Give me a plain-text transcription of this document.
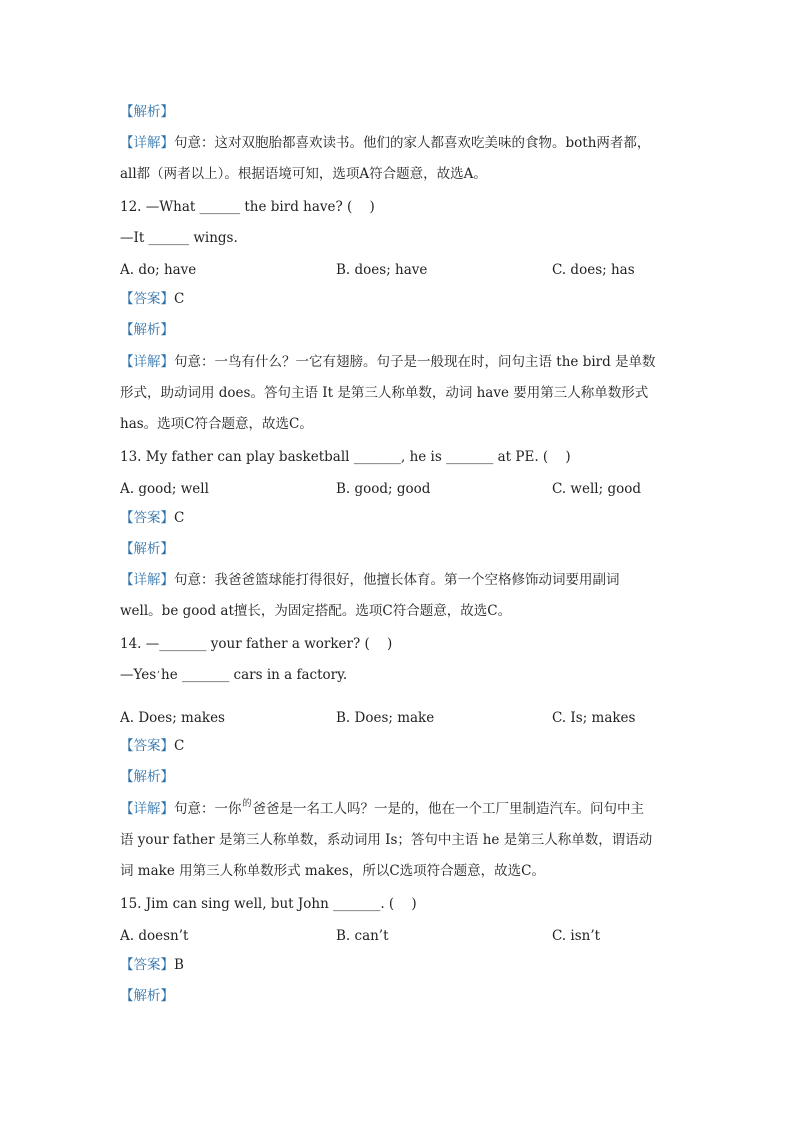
【解析】
【详解】句意：这对双胞胎都喜欢读书。他们的家人都喜欢吃美味的食物。both两者都，
all都（两者以上）。根据语境可知，选项A符合题意，故选A。
12. —What ______ the bird have? (    )
—It ______ wings.
A. do; have	B. does; have	C. does; has
【答案】C
【解析】
【详解】句意：一鸟有什么？一它有翅膀。句子是一般现在时，问句主语 the bird 是单数
形式，助动词用 does。答句主语 It 是第三人称单数，动词 have 要用第三人称单数形式
has。选项C符合题意，故选C。
13. My father can play basketball _______, he is _______ at PE. (    )
A. good; well	B. good; good	C. well; good
【答案】C
【解析】
【详解】句意：我爸爸篮球能打得很好，他擅长体育。第一个空格修饰动词要用副词
well。be good at擅长，为固定搭配。选项C符合题意，故选C。
14. —_______ your father a worker? (    )
—Yes,he _______ cars in a factory.
A. Does; makes	B. Does; make	C. Is; makes
【答案】C
【解析】
【详解】句意：一你$^的$爸爸是一名工人吗？一是的，他在一个工厂里制造汽车。问句中主
语 your father 是第三人称单数，系动词用 Is；答句中主语 he 是第三人称单数，谓语动
词 make 用第三人称单数形式 makes，所以C选项符合题意，故选C。
15. Jim can sing well, but John _______. (    )
A. doesn’t	B. can’t	C. isn’t
【答案】B
【解析】
